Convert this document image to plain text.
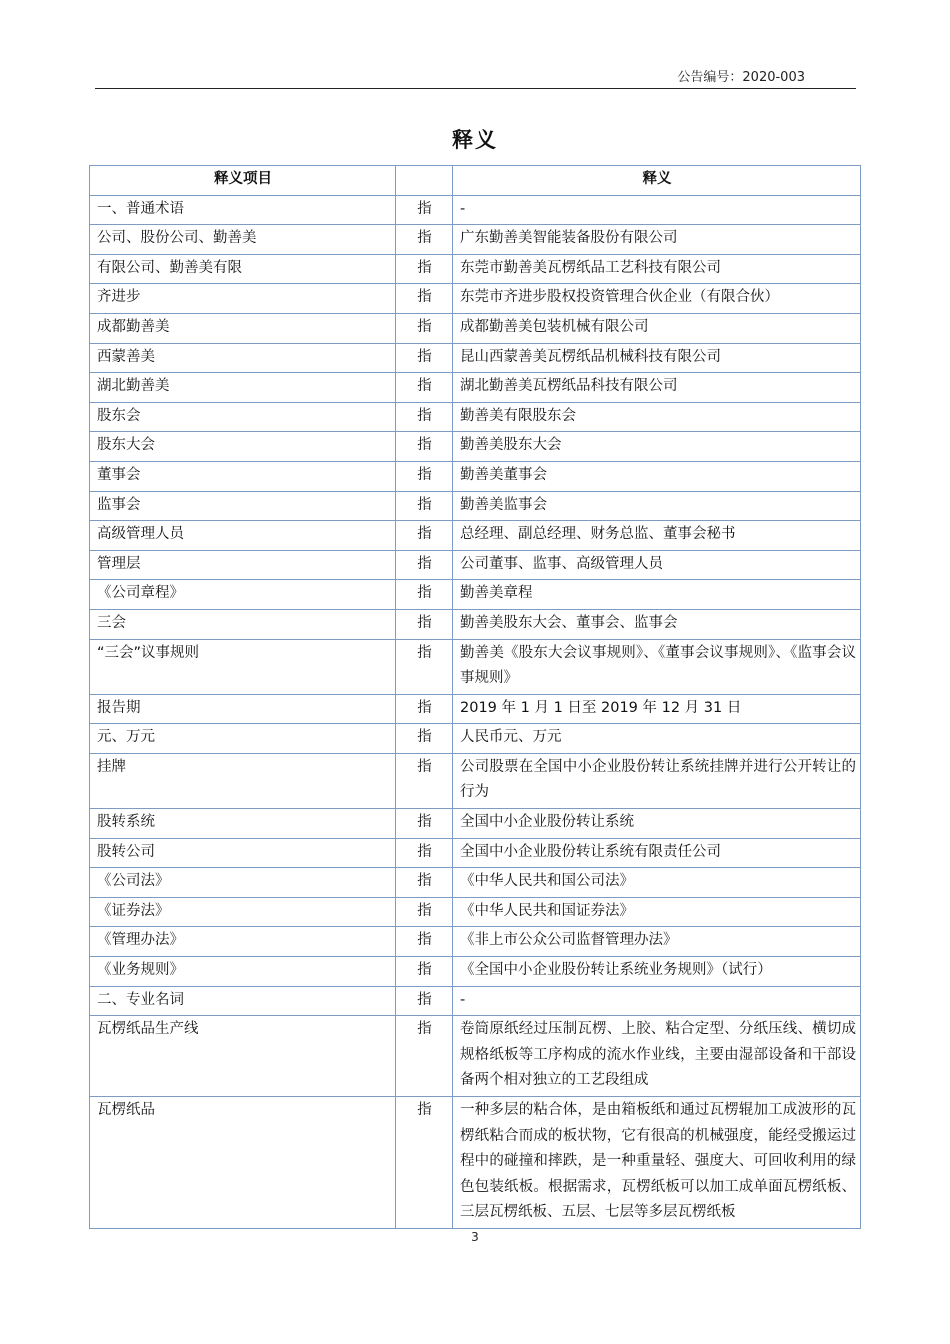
公告编号：2020-003
释义
释义项目		释义
一、普通术语	指	-
公司、股份公司、勤善美	指	广东勤善美智能装备股份有限公司
有限公司、勤善美有限	指	东莞市勤善美瓦楞纸品工艺科技有限公司
齐进步	指	东莞市齐进步股权投资管理合伙企业（有限合伙）
成都勤善美	指	成都勤善美包装机械有限公司
西蒙善美	指	昆山西蒙善美瓦楞纸品机械科技有限公司
湖北勤善美	指	湖北勤善美瓦楞纸品科技有限公司
股东会	指	勤善美有限股东会
股东大会	指	勤善美股东大会
董事会	指	勤善美董事会
监事会	指	勤善美监事会
高级管理人员	指	总经理、副总经理、财务总监、董事会秘书
管理层	指	公司董事、监事、高级管理人员
《公司章程》	指	勤善美章程
三会	指	勤善美股东大会、董事会、监事会
“三会”议事规则	指	勤善美《股东大会议事规则》、《董事会议事规则》、《监事会议事规则》
报告期	指	2019 年 1 月 1 日至 2019 年 12 月 31 日
元、万元	指	人民币元、万元
挂牌	指	公司股票在全国中小企业股份转让系统挂牌并进行公开转让的行为
股转系统	指	全国中小企业股份转让系统
股转公司	指	全国中小企业股份转让系统有限责任公司
《公司法》	指	《中华人民共和国公司法》
《证券法》	指	《中华人民共和国证券法》
《管理办法》	指	《非上市公众公司监督管理办法》
《业务规则》	指	《全国中小企业股份转让系统业务规则》（试行）
二、专业名词	指	-
瓦楞纸品生产线	指	卷筒原纸经过压制瓦楞、上胶、粘合定型、分纸压线、横切成规格纸板等工序构成的流水作业线，主要由湿部设备和干部设备两个相对独立的工艺段组成
瓦楞纸品	指	一种多层的粘合体，是由箱板纸和通过瓦楞辊加工成波形的瓦楞纸粘合而成的板状物，它有很高的机械强度，能经受搬运过程中的碰撞和摔跌，是一种重量轻、强度大、可回收利用的绿色包装纸板。根据需求，瓦楞纸板可以加工成单面瓦楞纸板、三层瓦楞纸板、五层、七层等多层瓦楞纸板
3
